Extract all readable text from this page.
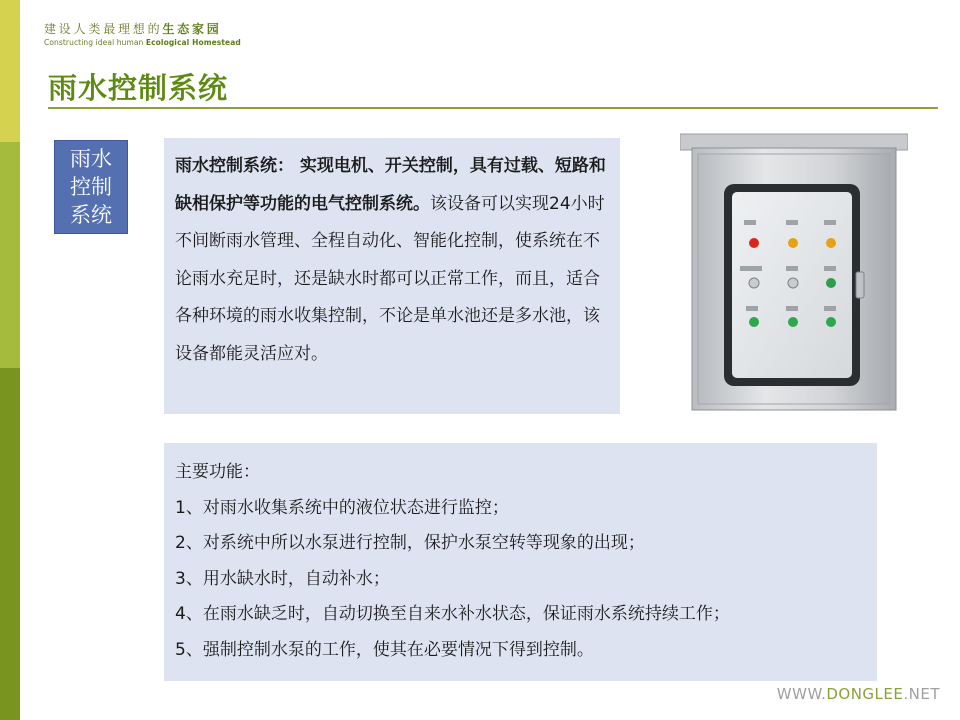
建设人类最理想的生态家园
Constructing ideal human Ecological Homestead
雨水控制系统
雨水
控制
系统
雨水控制系统： 实现电机、开关控制，具有过载、短路和缺相保护等功能的电气控制系统。该设备可以实现24小时不间断雨水管理、全程自动化、智能化控制，使系统在不论雨水充足时，还是缺水时都可以正常工作，而且，适合各种环境的雨水收集控制，不论是单水池还是多水池，该设备都能灵活应对。
主要功能：
1、对雨水收集系统中的液位状态进行监控；
2、对系统中所以水泵进行控制，保护水泵空转等现象的出现；
3、用水缺水时，自动补水；
4、在雨水缺乏时，自动切换至自来水补水状态，保证雨水系统持续工作；
5、强制控制水泵的工作，使其在必要情况下得到控制。
WWW.DONGLEE.NET
